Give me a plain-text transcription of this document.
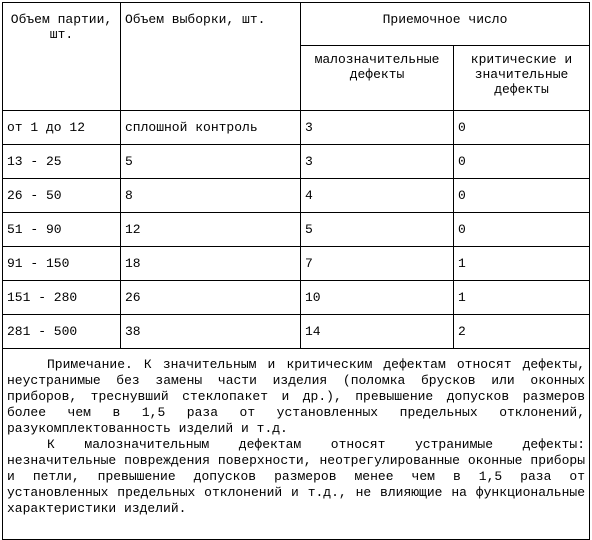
Объем партии, шт.	Объем выборки, шт.	Приемочное число	
		малозначительные дефекты	критические и значительные дефекты
от 1 до 12	сплошной контроль	3	0
13 - 25	5	3	0
26 - 50	8	4	0
51 - 90	12	5	0
91 - 150	18	7	1
151 - 280	26	10	1
281 - 500	38	14	2

Примечание. К значительным и критическим дефектам относят дефекты, неустранимые без замены части изделия (поломка брусков или оконных приборов, треснувший стеклопакет и др.), превышение допусков размеров более чем в 1,5 раза от установленных предельных отклонений, разукомплектованность изделий и т.д.

К малозначительным дефектам относят устранимые дефекты: незначительные повреждения поверхности, неотрегулированные оконные приборы и петли, превышение допусков размеров менее чем в 1,5 раза от установленных предельных отклонений и т.д., не влияющие на функциональные характеристики изделий.			
